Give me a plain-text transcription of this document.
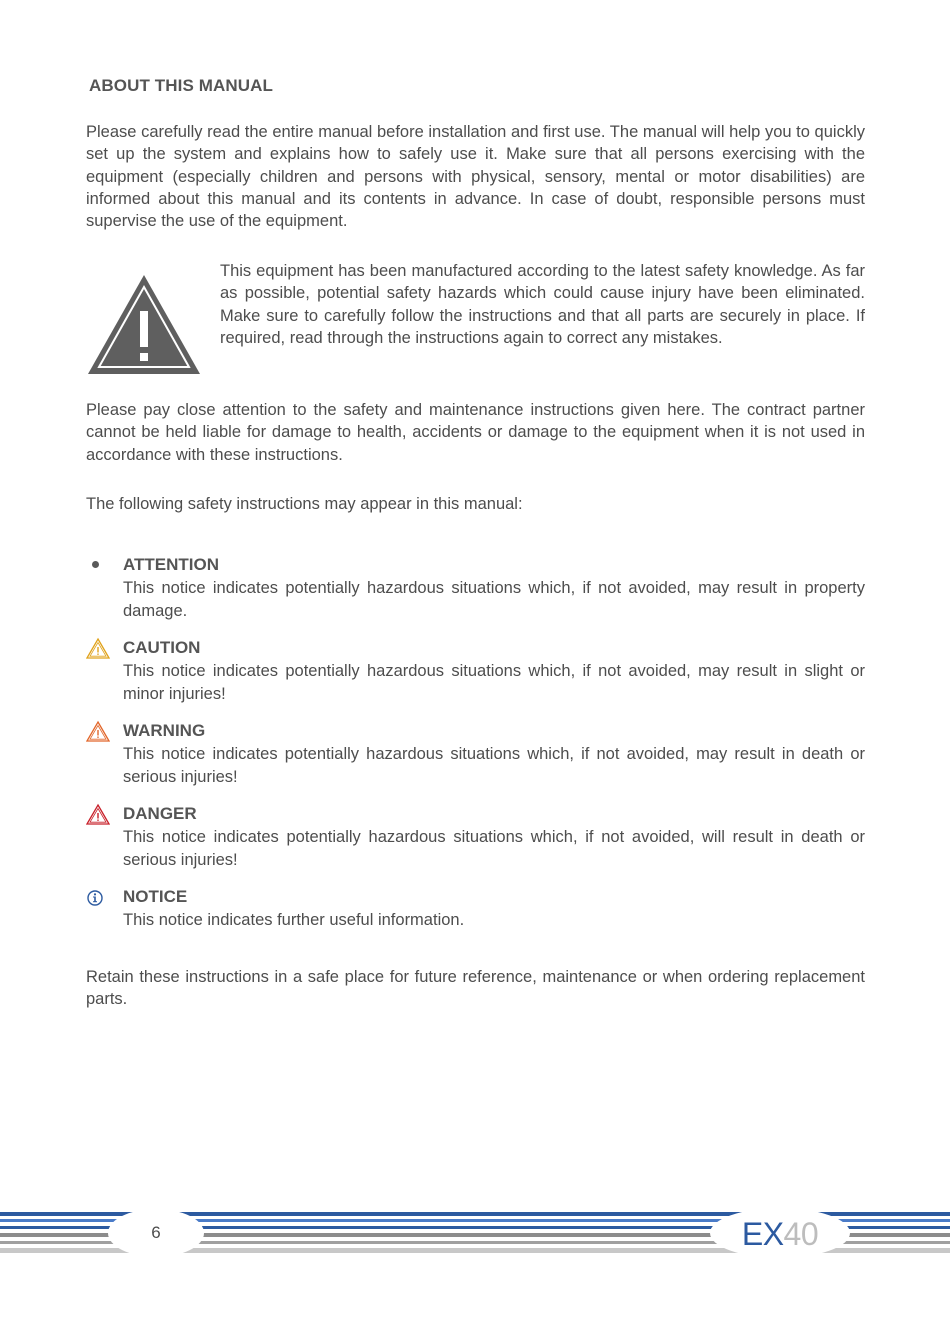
ABOUT THIS MANUAL
Please carefully read the entire manual before installation and first use. The manual will help you to quickly set up the system and explains how to safely use it. Make sure that all persons exercising with the equipment (especially children and persons with physical, sensory, mental or motor disabilities) are informed about this manual and its contents in advance. In case of doubt, responsible persons must supervise the use of the equipment.
This equipment has been manufactured according to the latest safety knowledge. As far as possible, potential safety hazards which could cause injury have been eliminated. Make sure to carefully follow the instructions and that all parts are securely in place. If required, read through the instructions again to correct any mistakes.
Please pay close attention to the safety and maintenance instructions given here. The contract partner cannot be held liable for damage to health, accidents or damage to the equipment when it is not used in accordance with these instructions.
The following safety instructions may appear in this manual:
ATTENTION
This notice indicates potentially hazardous situations which, if not avoided, may result in property damage.
CAUTION
This notice indicates potentially hazardous situations which, if not avoided, may result in slight or minor injuries!
WARNING
This notice indicates potentially hazardous situations which, if not avoided, may result in death or serious injuries!
DANGER
This notice indicates potentially hazardous situations which, if not avoided, will result in death or serious injuries!
NOTICE
This notice indicates further useful information.
Retain these instructions in a safe place for future reference, maintenance or when ordering replacement parts.
6	EX40
